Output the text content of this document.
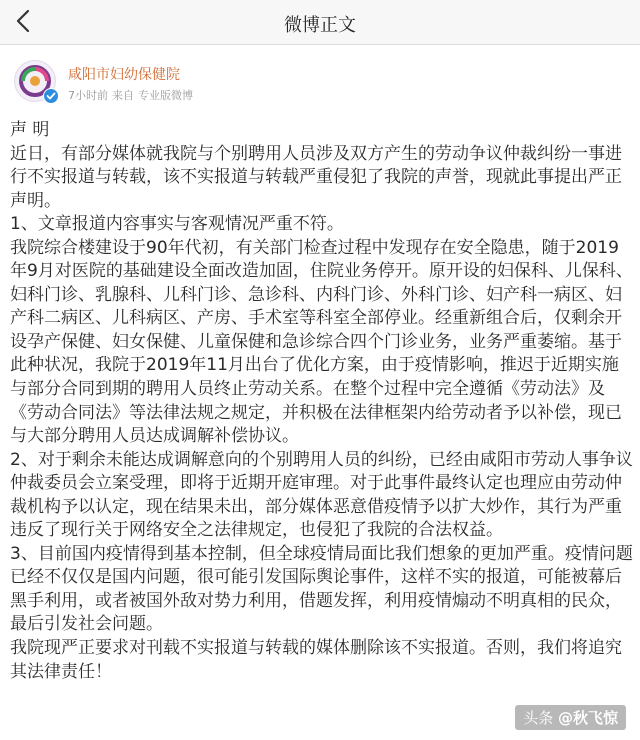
微博正文
咸阳市妇幼保健院
7小时前 来自 专业版微博

声 明

近日，有部分媒体就我院与个别聘用人员涉及双方产生的劳动争议仲裁纠纷一事进行不实报道与转载，该不实报道与转载严重侵犯了我院的声誉，现就此事提出严正声明。

1、文章报道内容事实与客观情况严重不符。

我院综合楼建设于90年代初，有关部门检查过程中发现存在安全隐患，随于2019年9月对医院的基础建设全面改造加固，住院业务停开。原开设的妇保科、儿保科、妇科门诊、乳腺科、儿科门诊、急诊科、内科门诊、外科门诊、妇产科一病区、妇产科二病区、儿科病区、产房、手术室等科室全部停业。经重新组合后，仅剩余开设孕产保健、妇女保健、儿童保健和急诊综合四个门诊业务，业务严重萎缩。基于此种状况，我院于2019年11月出台了优化方案，由于疫情影响，推迟于近期实施与部分合同到期的聘用人员终止劳动关系。在整个过程中完全遵循《劳动法》及《劳动合同法》等法律法规之规定，并积极在法律框架内给劳动者予以补偿，现已与大部分聘用人员达成调解补偿协议。

2、对于剩余未能达成调解意向的个别聘用人员的纠纷，已经由咸阳市劳动人事争议仲裁委员会立案受理，即将于近期开庭审理。对于此事件最终认定也理应由劳动仲裁机构予以认定，现在结果未出，部分媒体恶意借疫情予以扩大炒作，其行为严重违反了现行关于网络安全之法律规定，也侵犯了我院的合法权益。

3、目前国内疫情得到基本控制，但全球疫情局面比我们想象的更加严重。疫情问题已经不仅仅是国内问题，很可能引发国际舆论事件，这样不实的报道，可能被幕后黑手利用，或者被国外敌对势力利用，借题发挥，利用疫情煽动不明真相的民众，最后引发社会问题。

我院现严正要求对刊载不实报道与转载的媒体删除该不实报道。否则，我们将追究其法律责任！

头条 @秋飞惊
